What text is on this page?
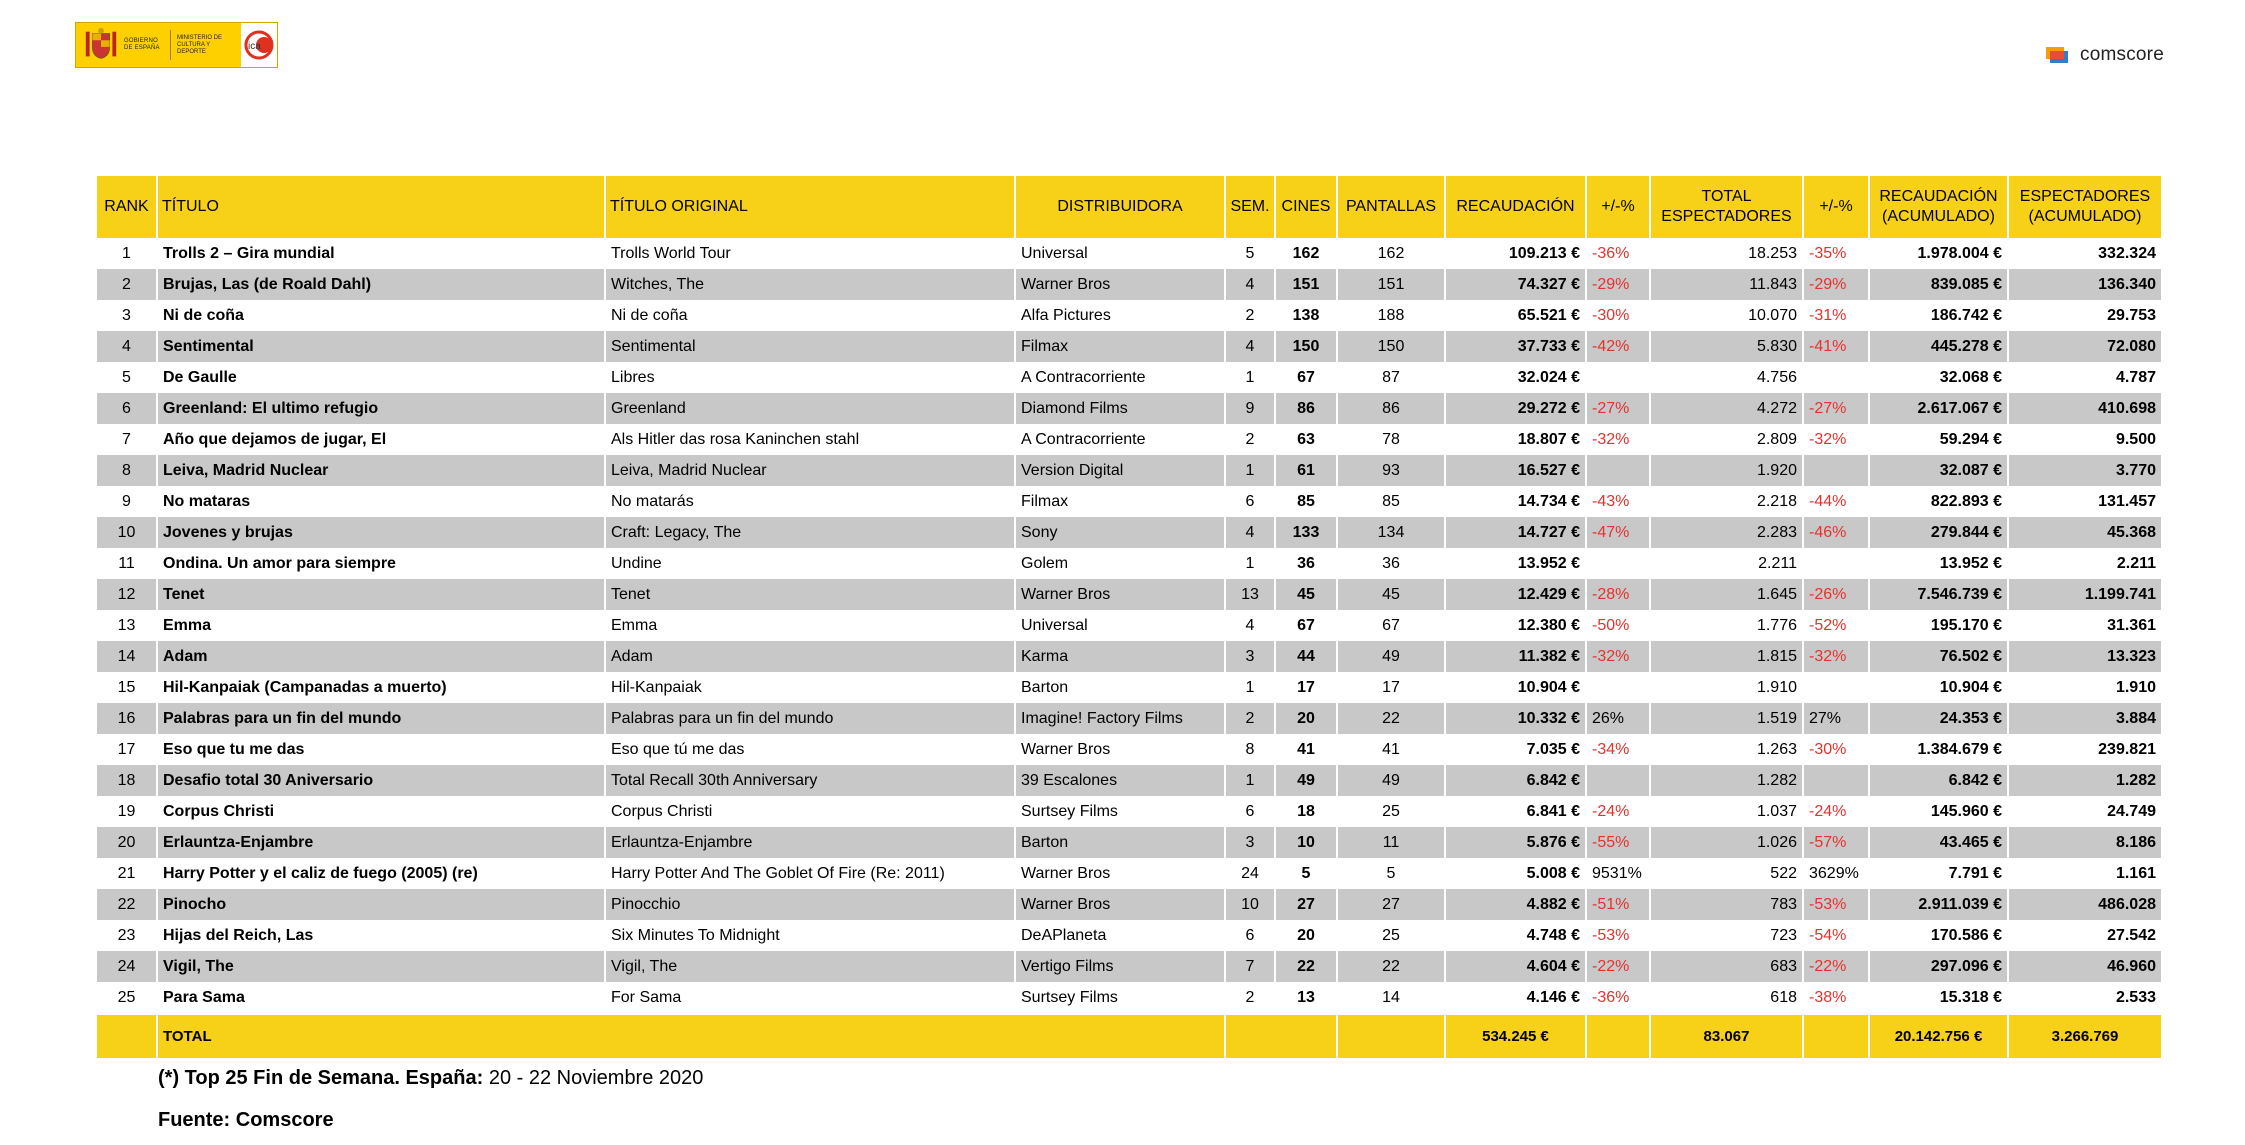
GOBIERNO DE ESPAÑA
MINISTERIO DE CULTURA Y DEPORTE	ica	comscore
RANK	TÍTULO	TÍTULO ORIGINAL	DISTRIBUIDORA	SEM.	CINES	PANTALLAS	RECAUDACIÓN	+/-%	TOTAL ESPECTADORES	+/-%	RECAUDACIÓN (ACUMULADO)	ESPECTADORES (ACUMULADO)
1	Trolls 2 – Gira mundial	Trolls World Tour	Universal	5	162	162	109.213 €	-36%	18.253	-35%	1.978.004 €	332.324
2	Brujas, Las (de Roald Dahl)	Witches, The	Warner Bros	4	151	151	74.327 €	-29%	11.843	-29%	839.085 €	136.340
3	Ni de coña	Ni de coña	Alfa Pictures	2	138	188	65.521 €	-30%	10.070	-31%	186.742 €	29.753
4	Sentimental	Sentimental	Filmax	4	150	150	37.733 €	-42%	5.830	-41%	445.278 €	72.080
5	De Gaulle	Libres	A Contracorriente	1	67	87	32.024 €		4.756		32.068 €	4.787
6	Greenland: El ultimo refugio	Greenland	Diamond Films	9	86	86	29.272 €	-27%	4.272	-27%	2.617.067 €	410.698
7	Año que dejamos de jugar, El	Als Hitler das rosa Kaninchen stahl	A Contracorriente	2	63	78	18.807 €	-32%	2.809	-32%	59.294 €	9.500
8	Leiva, Madrid Nuclear	Leiva, Madrid Nuclear	Version Digital	1	61	93	16.527 €		1.920		32.087 €	3.770
9	No mataras	No matarás	Filmax	6	85	85	14.734 €	-43%	2.218	-44%	822.893 €	131.457
10	Jovenes y brujas	Craft: Legacy, The	Sony	4	133	134	14.727 €	-47%	2.283	-46%	279.844 €	45.368
11	Ondina. Un amor para siempre	Undine	Golem	1	36	36	13.952 €		2.211		13.952 €	2.211
12	Tenet	Tenet	Warner Bros	13	45	45	12.429 €	-28%	1.645	-26%	7.546.739 €	1.199.741
13	Emma	Emma	Universal	4	67	67	12.380 €	-50%	1.776	-52%	195.170 €	31.361
14	Adam	Adam	Karma	3	44	49	11.382 €	-32%	1.815	-32%	76.502 €	13.323
15	Hil-Kanpaiak (Campanadas a muerto)	Hil-Kanpaiak	Barton	1	17	17	10.904 €		1.910		10.904 €	1.910
16	Palabras para un fin del mundo	Palabras para un fin del mundo	Imagine! Factory Films	2	20	22	10.332 €	26%	1.519	27%	24.353 €	3.884
17	Eso que tu me das	Eso que tú me das	Warner Bros	8	41	41	7.035 €	-34%	1.263	-30%	1.384.679 €	239.821
18	Desafio total 30 Aniversario	Total Recall 30th Anniversary	39 Escalones	1	49	49	6.842 €		1.282		6.842 €	1.282
19	Corpus Christi	Corpus Christi	Surtsey Films	6	18	25	6.841 €	-24%	1.037	-24%	145.960 €	24.749
20	Erlauntza-Enjambre	Erlauntza-Enjambre	Barton	3	10	11	5.876 €	-55%	1.026	-57%	43.465 €	8.186
21	Harry Potter y el caliz de fuego (2005) (re)	Harry Potter And The Goblet Of Fire (Re: 2011)	Warner Bros	24	5	5	5.008 €	9531%	522	3629%	7.791 €	1.161
22	Pinocho	Pinocchio	Warner Bros	10	27	27	4.882 €	-51%	783	-53%	2.911.039 €	486.028
23	Hijas del Reich, Las	Six Minutes To Midnight	DeAPlaneta	6	20	25	4.748 €	-53%	723	-54%	170.586 €	27.542
24	Vigil, The	Vigil, The	Vertigo Films	7	22	22	4.604 €	-22%	683	-22%	297.096 €	46.960
25	Para Sama	For Sama	Surtsey Films	2	13	14	4.146 €	-36%	618	-38%	15.318 €	2.533
	TOTAL						534.245 €		83.067		20.142.756 €	3.266.769
(*) Top 25 Fin de Semana. España: 20 - 22 Noviembre 2020
Fuente: Comscore
